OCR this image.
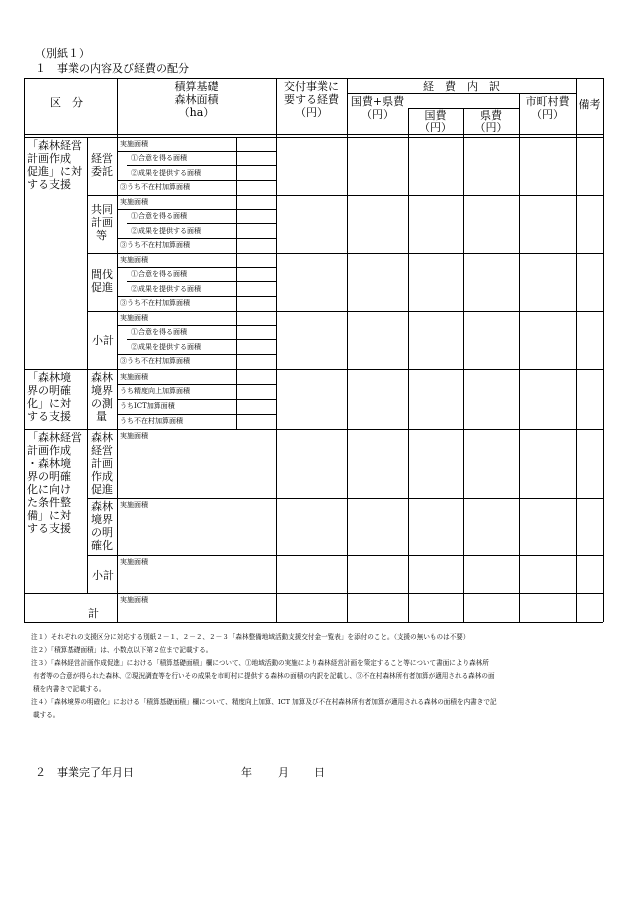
（別紙１）
１　事業の内容及び経費の配分
区　分
積算基礎
森林面積
（ha）
交付事業に
要する経費
（円）
経　費　内　訳
国費+県費
（円）	国費
（円）
県費
（円）
市町村費
（円）
備考
「森林経営
計画作成
促進」に対
する支援
経営
委託
共同
計画
等
間伐
促進
小計
「森林境
界の明確
化」に対
する支援
森林
境界
の測
量
「森林経営
計画作成
・森林境
界の明確
化に向け
た条件整
備」に対
する支援
森林
経営
計画
作成
促進
森林
境界
の明
確化
小計
計
実施面積
①合意を得る面積
②成果を提供する面積
③うち不在村加算面積
実施面積
①合意を得る面積
②成果を提供する面積
③うち不在村加算面積
実施面積
①合意を得る面積
②成果を提供する面積
③うち不在村加算面積
実施面積
①合意を得る面積
②成果を提供する面積
③うち不在村加算面積
実施面積
うち精度向上加算面積
うちICT加算面積
うち不在村加算面積
実施面積
実施面積
実施面積
実施面積
注１）それぞれの支援区分に対応する別紙２－１、２－２、２－３「森林整備地域活動支援交付金一覧表」を添付のこと。（支援の無いものは不要）
注２）「積算基礎面積」は、小数点以下第２位まで記載する。
注３）「森林経営計画作成促進」における「積算基礎面積」欄について、①地域活動の実施により森林経営計画を策定すること等について書面により森林所
有者等の合意が得られた森林、②現況調査等を行いその成果を市町村に提供する森林の面積の内訳を記載し、③不在村森林所有者加算が適用される森林の面
積を内書きで記載する。
注４）「森林境界の明確化」における「積算基礎面積」欄について、精度向上加算、ICT 加算及び不在村森林所有者加算が適用される森林の面積を内書きで記
載する。
２　事業完了年月日	年 月 日
